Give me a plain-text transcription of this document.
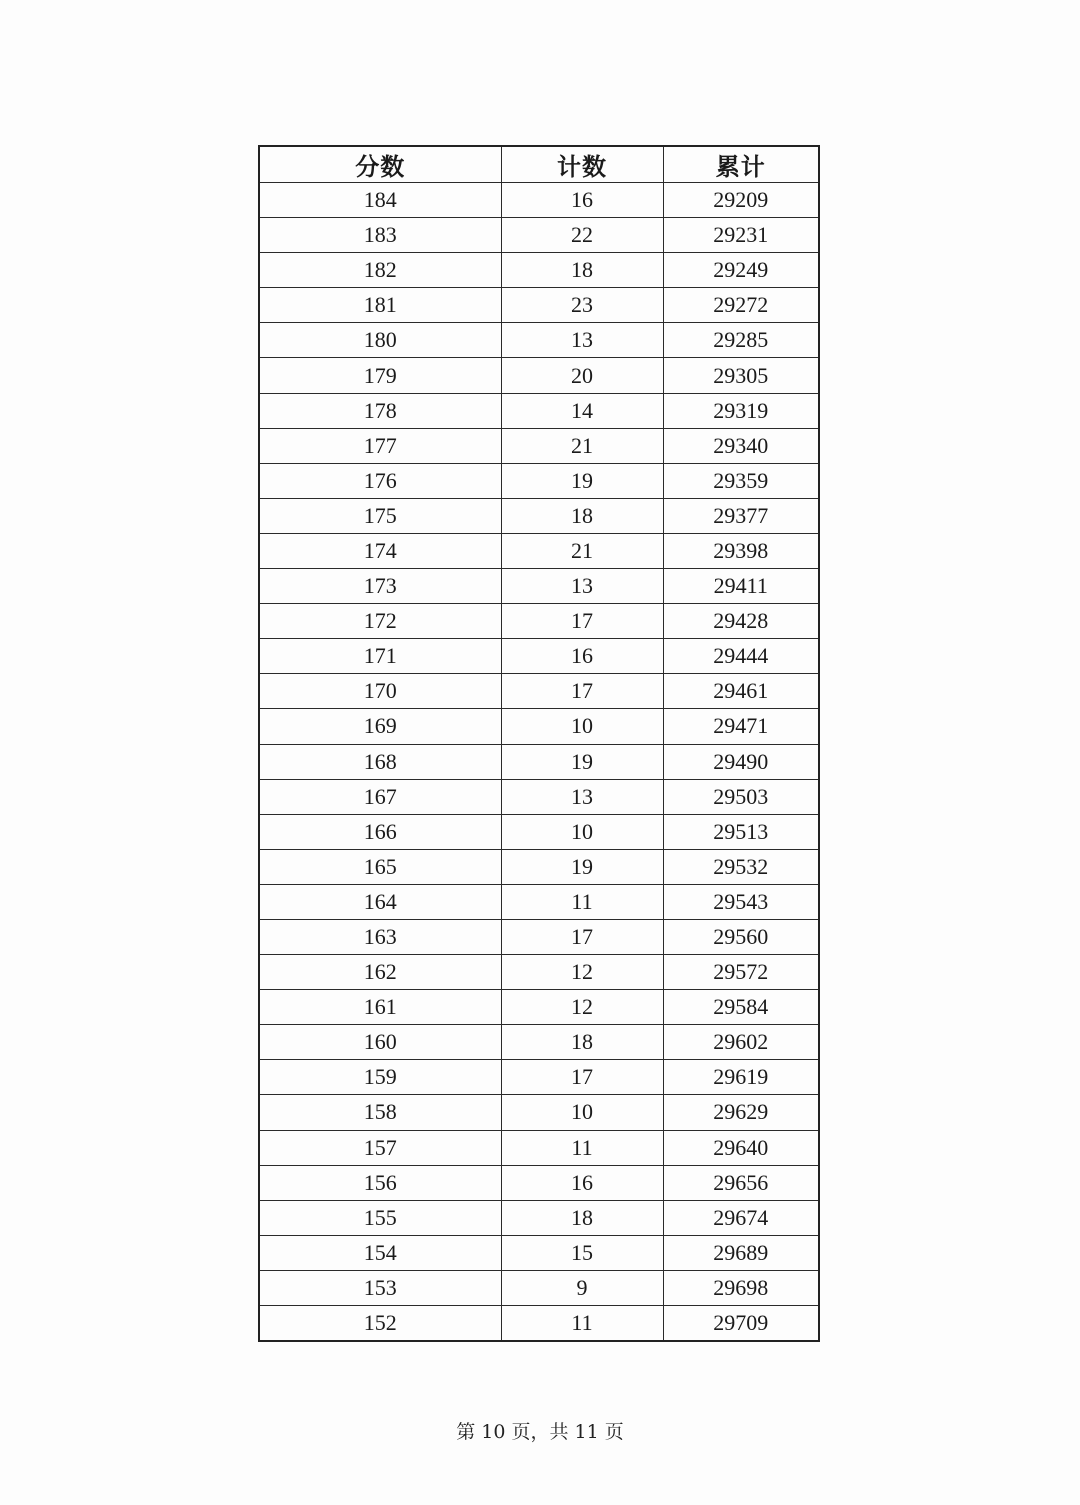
分数	计数	累计
184	16	29209
183	22	29231
182	18	29249
181	23	29272
180	13	29285
179	20	29305
178	14	29319
177	21	29340
176	19	29359
175	18	29377
174	21	29398
173	13	29411
172	17	29428
171	16	29444
170	17	29461
169	10	29471
168	19	29490
167	13	29503
166	10	29513
165	19	29532
164	11	29543
163	17	29560
162	12	29572
161	12	29584
160	18	29602
159	17	29619
158	10	29629
157	11	29640
156	16	29656
155	18	29674
154	15	29689
153	9	29698
152	11	29709
第 10 页，共 11 页
